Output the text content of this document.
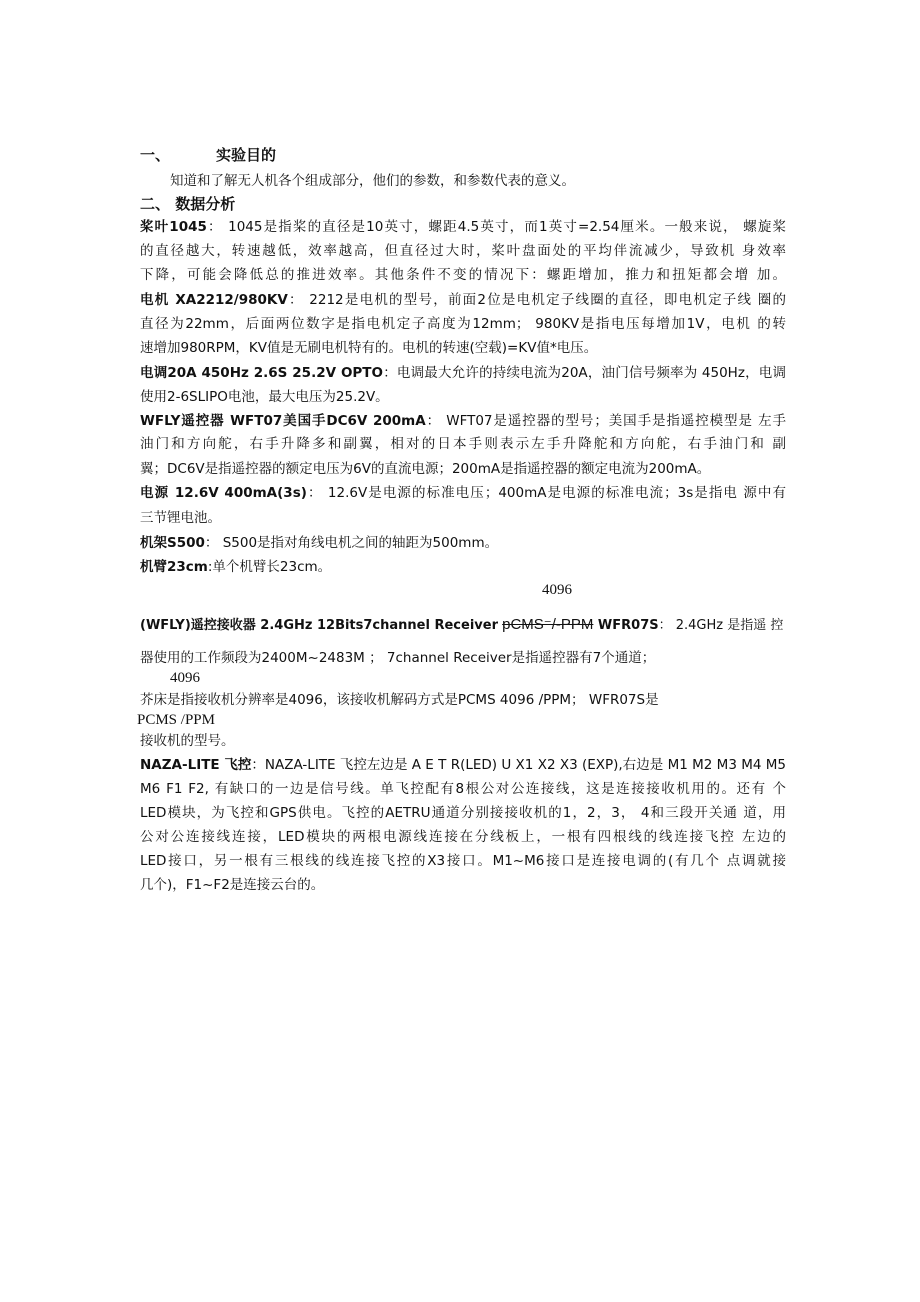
一、	实验目的
知道和了解无人机各个组成部分，他们的参数，和参数代表的意义。
二、 数据分析
桨叶1045： 1045是指桨的直径是10英寸，螺距4.5英寸，而1英寸=2.54厘米。一般来说， 螺旋桨
的直径越大，转速越低，效率越高，但直径过大时，桨叶盘面处的平均伴流减少，导致机 身效率
下降，可能会降低总的推进效率。其他条件不变的情况下：螺距增加，推力和扭矩都会增 加。
电机 XA2212/980KV： 2212是电机的型号，前面2位是电机定子线圈的直径，即电机定子线 圈的
直径为22mm，后面两位数字是指电机定子高度为12mm； 980KV是指电压每增加1V，电机 的转
速增加980RPM，KV值是无刷电机特有的。电机的转速(空载)=KV值*电压。
电调20A 450Hz 2.6S 25.2V OPTO：电调最大允许的持续电流为20A，油门信号频率为 450Hz，电调
使用2-6SLIPO电池，最大电压为25.2V。
WFLY遥控器 WFT07美国手DC6V 200mA： WFT07是遥控器的型号；美国手是指遥控模型是 左手
油门和方向舵，右手升降多和副翼，相对的日本手则表示左手升降舵和方向舵，右手油门和 副
翼；DC6V是指遥控器的额定电压为6V的直流电源；200mA是指遥控器的额定电流为200mA。
电源 12.6V 400mA(3s)： 12.6V是电源的标准电压；400mA是电源的标准电流；3s是指电 源中有
三节锂电池。
机架S500： S500是指对角线电机之间的轴距为500mm。
机臂23cm:单个机臂长23cm。
4096
(WFLY)遥控接收器 2.4GHz 12Bits7channel Receiver pCMS⁻/-PPM WFR07S： 2.4GHz 是指遥 控
器使用的工作频段为2400M~2483M ； 7channel Receiver是指遥控器有7个通道；
4096
芥床是指接收机分辨率是4096，该接收机解码方式是PCMS 4096 /PPM； WFR07S是
PCMS /PPM
接收机的型号。
NAZA-LITE 飞控：NAZA-LITE 飞控左边是 A E T R(LED) U X1 X2 X3 (EXP),右边是 M1 M2 M3 M4 M5
M6 F1 F2, 有缺口的一边是信号线。单飞控配有8根公对公连接线，这是连接接收机用的。还有 个
LED模块，为飞控和GPS供电。飞控的AETRU通道分别接接收机的1，2，3， 4和三段开关通 道，用
公对公连接线连接，LED模块的两根电源线连接在分线板上，一根有四根线的线连接飞控 左边的
LED接口，另一根有三根线的线连接飞控的X3接口。M1~M6接口是连接电调的(有几个 点调就接
几个)，F1~F2是连接云台的。
